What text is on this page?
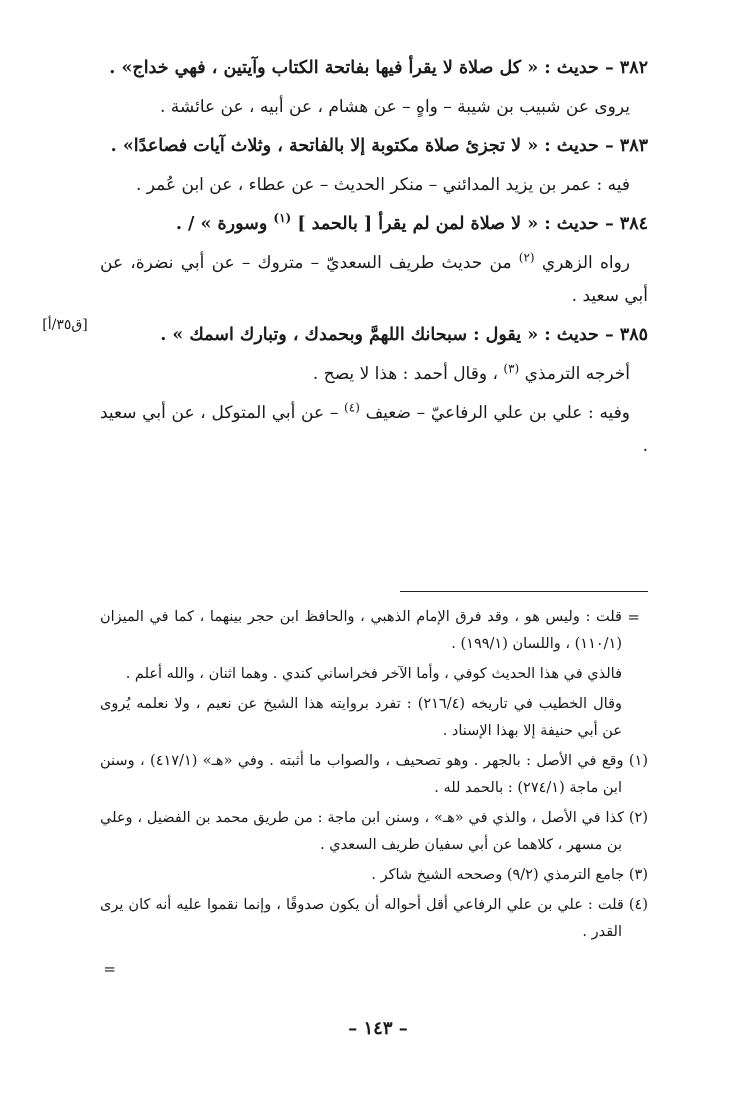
٣٨٢ – حديث : « كل صلاة لا يقرأ فيها بفاتحة الكتاب وآيتين ، فهي خداج» .

يروى عن شبيب بن شيبة – واهٍ – عن هشام ، عن أبيه ، عن عائشة .

٣٨٣ – حديث : « لا تجزئ صلاة مكتوبة إلا بالفاتحة ، وثلاث آيات فصاعدًا» .

فيه : عمر بن يزيد المدائني – منكر الحديث – عن عطاء ، عن ابن عُمر .

٣٨٤ – حديث : « لا صلاة لمن لم يقرأ [ بالحمد ] $^{(١)}$ وسورة » / .

رواه الزهري $^{(٢)}$ من حديث طريف السعديّ – متروك – عن أبي نضرة، عن أبي سعيد .

٣٨٥ – حديث : « يقول : سبحانك اللهمَّ وبحمدك ، وتبارك اسمك » .

أخرجه الترمذي $^{(٣)}$ ، وقال أحمد : هذا لا يصح .

وفيه : علي بن علي الرفاعيّ – ضعيف $^{(٤)}$ – عن أبي المتوكل ، عن أبي سعيد .

[ق٣٥/أ]
=

قلت : وليس هو ، وقد فرق الإمام الذهبي ، والحافظ ابن حجر بينهما ، كما في الميزان (١١٠/١) ، واللسان (١٩٩/١) .

فالذي في هذا الحديث كوفي ، وأما الآخر فخراساني كندي . وهما اثنان ، والله أعلم .

وقال الخطيب في تاريخه (٢١٦/٤) : تفرد بروايته هذا الشيخ عن نعيم ، ولا نعلمه يُروى عن أبي حنيفة إلا بهذا الإسناد .

(١) وقع في الأصل : بالجهر . وهو تصحيف ، والصواب ما أثبته . وفي «هـ» (٤١٧/١) ، وسنن ابن ماجة (٢٧٤/١) : بالحمد لله .

(٢) كذا في الأصل ، والذي في «هـ» ، وسنن ابن ماجة : من طريق محمد بن الفضيل ، وعلي بن مسهر ، كلاهما عن أبي سفيان طريف السعدي .

(٣) جامع الترمذي (٩/٢) وصححه الشيخ شاكر .

(٤) قلت : علي بن علي الرفاعي أقل أحواله أن يكون صدوقًا ، وإنما نقموا عليه أنه كان يرى القدر .

=
– ١٤٣ –
